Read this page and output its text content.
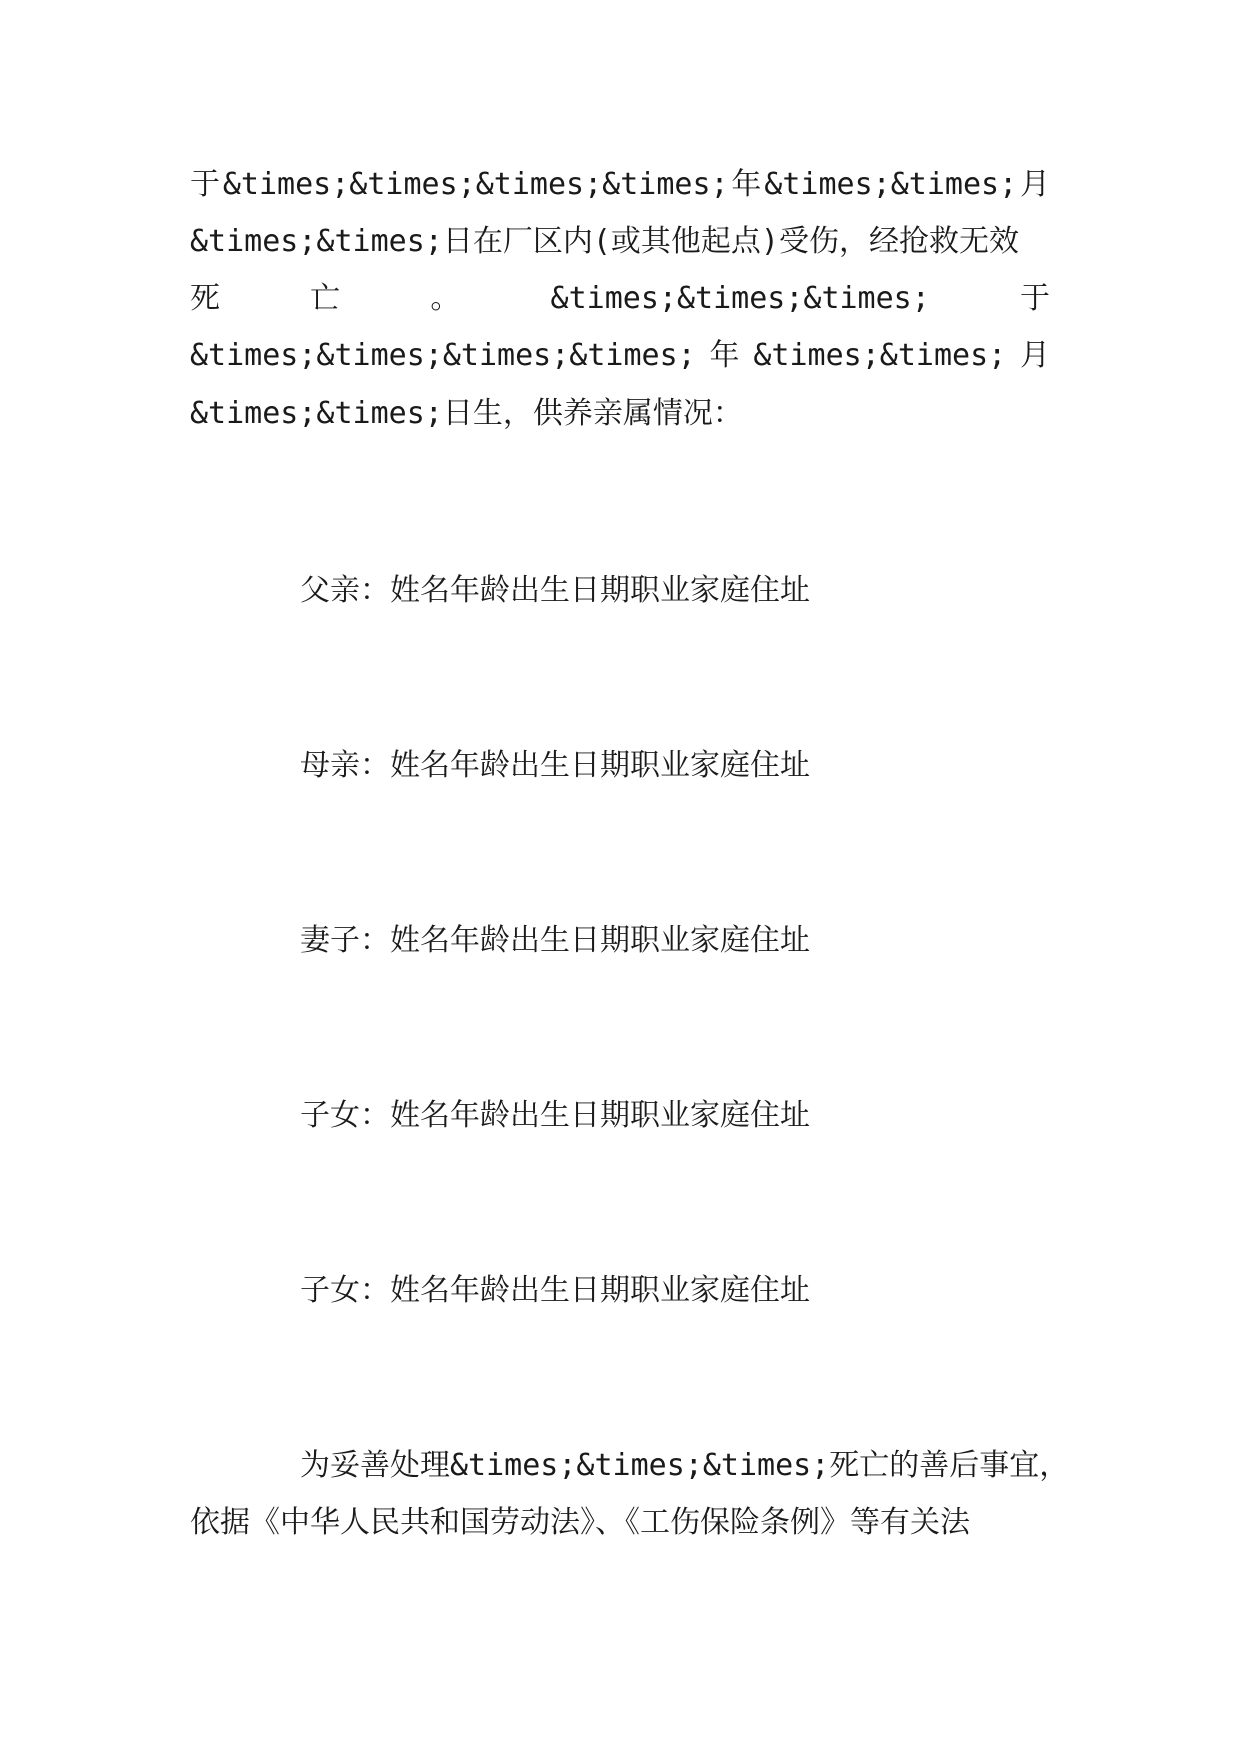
于 &times;&times;&times;&times; 年 &times;&times; 月
&times;&times;日在厂区内(或其他起点)受伤，经抢救无效
死	亡	。	&times;&times;&times;	于
&times;&times;&times;&times; 年 &times;&times; 月
&times;&times;日生，供养亲属情况：
父亲：姓名年龄出生日期职业家庭住址
母亲：姓名年龄出生日期职业家庭住址
妻子：姓名年龄出生日期职业家庭住址
子女：姓名年龄出生日期职业家庭住址
子女：姓名年龄出生日期职业家庭住址
为妥善处理&times;&times;&times;死亡的善后事宜，
依据《中华人民共和国劳动法》、《工伤保险条例》等有关法
